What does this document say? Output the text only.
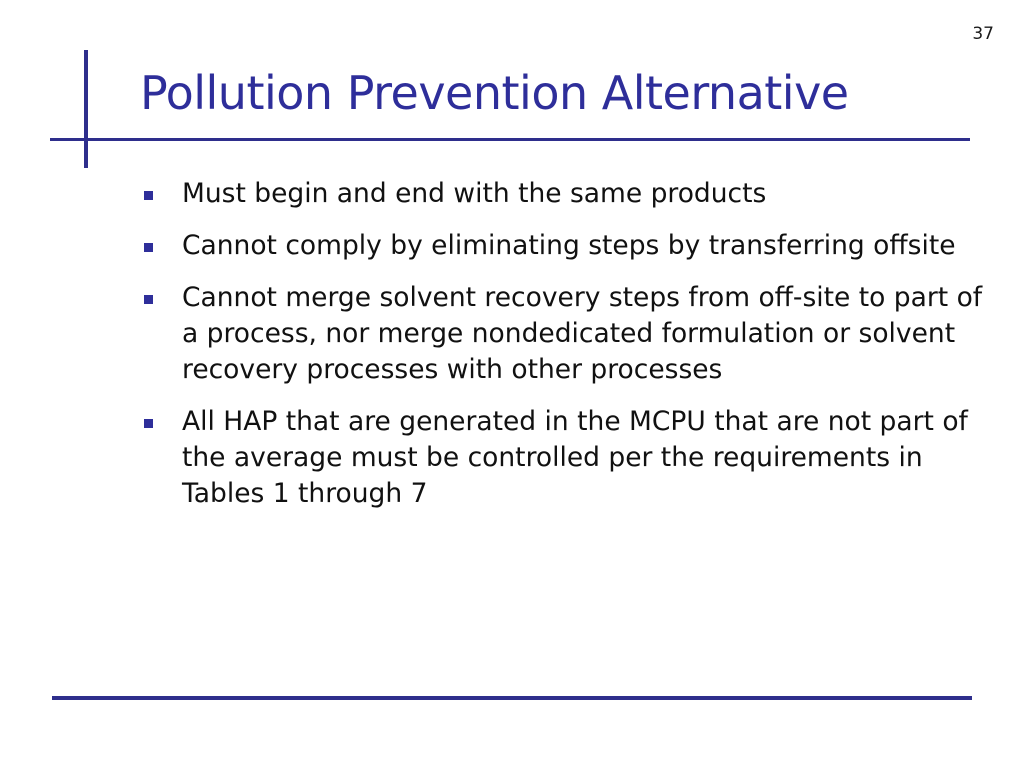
37
Pollution Prevention Alternative
Must begin and end with the same products
Cannot comply by eliminating steps by transferring offsite
Cannot merge solvent recovery steps from off-site to part of a process, nor merge nondedicated formulation or solvent recovery processes with other processes
All HAP that are generated in the MCPU that are not part of the average must be controlled per the requirements in Tables 1 through 7
